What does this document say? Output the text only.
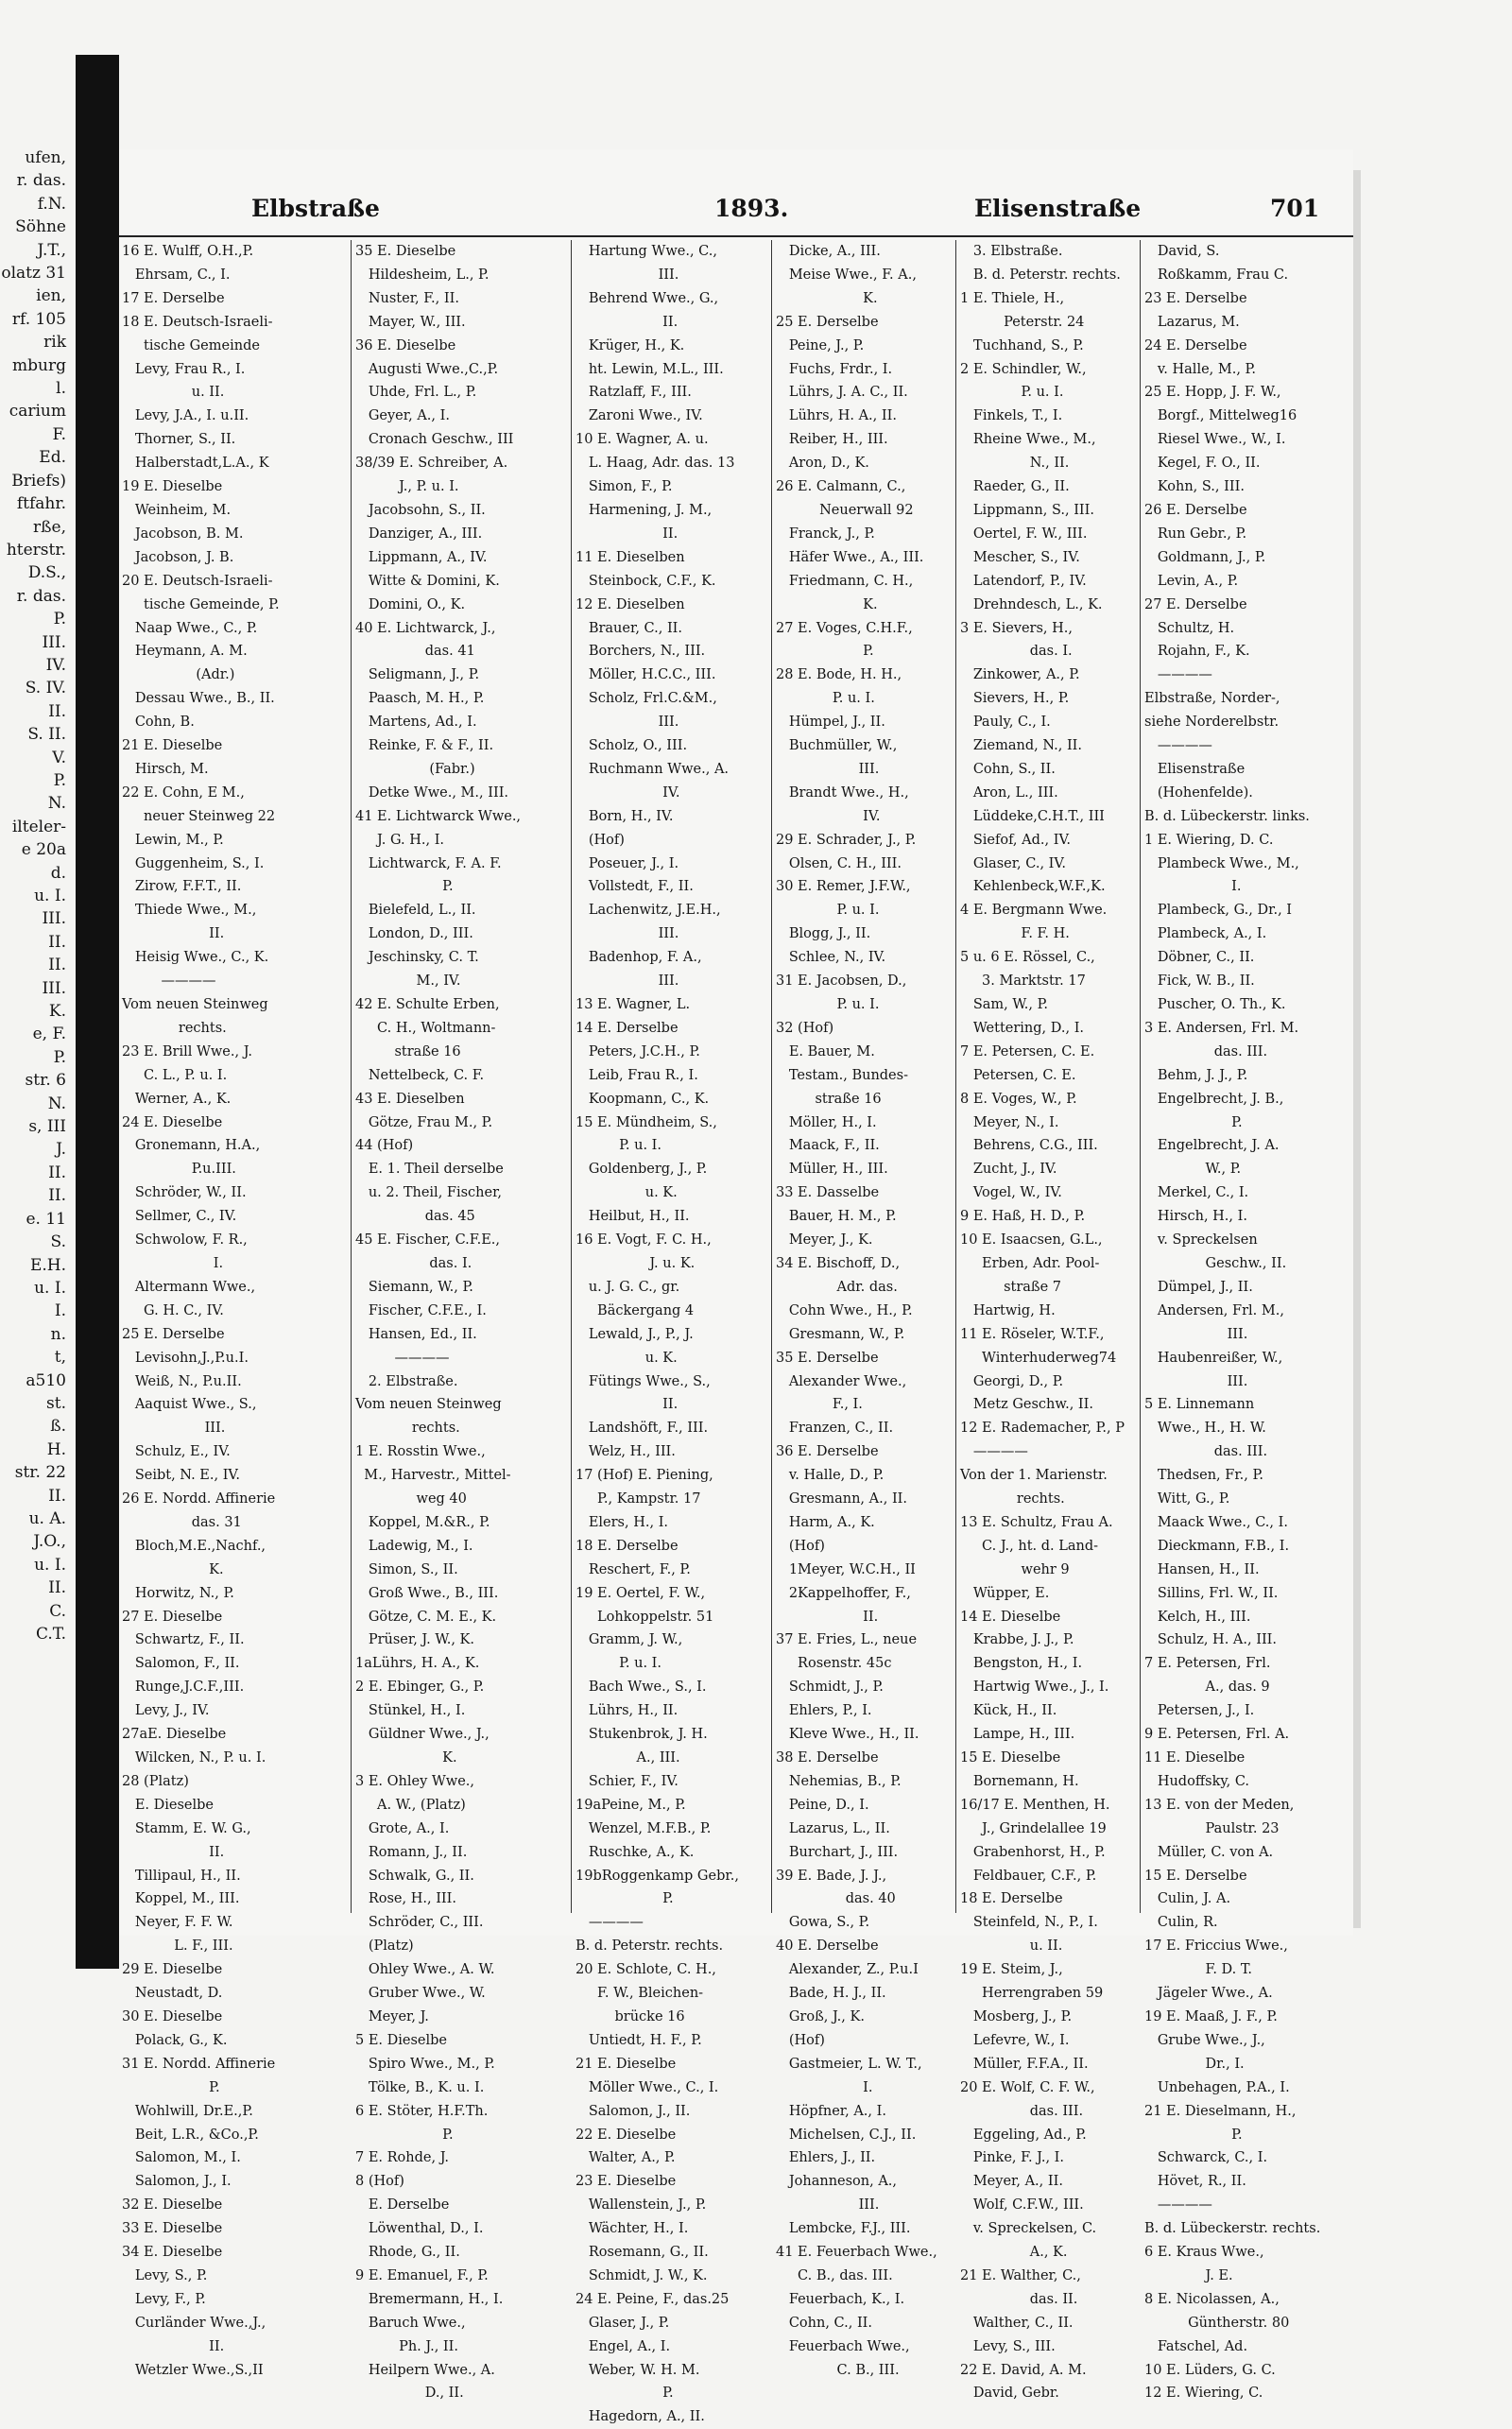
ufen,
r. das.
f.N.
Söhne
J.T.,
olatz 31
ien,
rf. 105
rik
mburg
l.
carium
F.
Ed.
Briefs)
ftfahr.
rße,
hterstr.
D.S.,
r. das.
P.
III.
IV.
S. IV.
II.
S. II.
V.
P.
N.
ilteler-
e 20a
d.
u. I.
III.
II.
II.
III.
K.
e, F.
P.
str. 6
N.
s, III
J.
II.
II.
e. 11
S.
E.H.
u. I.
I.
n.
t,
a510
st.
ß.
H.
str. 22
II.
u. A.
J.O.,
u. I.
II.
C.
C.T.
Elbstraße	1893.	Elisenstraße	701
16 E. Wulff, O.H.,P.
Ehrsam, C., I.
17 E. Derselbe
18 E. Deutsch-Israeli-
tische Gemeinde
Levy, Frau R., I.
u. II.
Levy, J.A., I. u.II.
Thorner, S., II.
Halberstadt,L.A., K
19 E. Dieselbe
Weinheim, M.
Jacobson, B. M.
Jacobson, J. B.
20 E. Deutsch-Israeli-
tische Gemeinde, P.
Naap Wwe., C., P.
Heymann, A. M.
(Adr.)
Dessau Wwe., B., II.
Cohn, B.
21 E. Dieselbe
Hirsch, M.
22 E. Cohn, E M.,
neuer Steinweg 22
Lewin, M., P.
Guggenheim, S., I.
Zirow, F.F.T., II.
Thiede Wwe., M.,
II.
Heisig Wwe., C., K.
————
Vom neuen Steinweg
rechts.
23 E. Brill Wwe., J.
C. L., P. u. I.
Werner, A., K.
24 E. Dieselbe
Gronemann, H.A.,
P.u.III.
Schröder, W., II.
Sellmer, C., IV.
Schwolow, F. R.,
I.
Altermann Wwe.,
G. H. C., IV.
25 E. Derselbe
Levisohn,J.,P.u.I.
Weiß, N., P.u.II.
Aaquist Wwe., S.,
III.
Schulz, E., IV.
Seibt, N. E., IV.
26 E. Nordd. Affinerie
das. 31
Bloch,M.E.,Nachf.,
K.
Horwitz, N., P.
27 E. Dieselbe
Schwartz, F., II.
Salomon, F., II.
Runge,J.C.F.,III.
Levy, J., IV.
27aE. Dieselbe
Wilcken, N., P. u. I.
28 (Platz)
E. Dieselbe
Stamm, E. W. G.,
II.
Tillipaul, H., II.
Koppel, M., III.
Neyer, F. F. W.
L. F., III.
29 E. Dieselbe
Neustadt, D.
30 E. Dieselbe
Polack, G., K.
31 E. Nordd. Affinerie
P.
Wohlwill, Dr.E.,P.
Beit, L.R., &Co.,P.
Salomon, M., I.
Salomon, J., I.
32 E. Dieselbe
33 E. Dieselbe
34 E. Dieselbe
Levy, S., P.
Levy, F., P.
Curländer Wwe.,J.,
II.
Wetzler Wwe.,S.,II
35 E. Dieselbe
Hildesheim, L., P.
Nuster, F., II.
Mayer, W., III.
36 E. Dieselbe
Augusti Wwe.,C.,P.
Uhde, Frl. L., P.
Geyer, A., I.
Cronach Geschw., III
38/39 E. Schreiber, A.
J., P. u. I.
Jacobsohn, S., II.
Danziger, A., III.
Lippmann, A., IV.
Witte & Domini, K.
Domini, O., K.
40 E. Lichtwarck, J.,
das. 41
Seligmann, J., P.
Paasch, M. H., P.
Martens, Ad., I.
Reinke, F. & F., II.
(Fabr.)
Detke Wwe., M., III.
41 E. Lichtwarck Wwe.,
J. G. H., I.
Lichtwarck, F. A. F.
P.
Bielefeld, L., II.
London, D., III.
Jeschinsky, C. T.
M., IV.
42 E. Schulte Erben,
C. H., Woltmann-
straße 16
Nettelbeck, C. F.
43 E. Dieselben
Götze, Frau M., P.
44 (Hof)
E. 1. Theil derselbe
u. 2. Theil, Fischer,
das. 45
45 E. Fischer, C.F.E.,
das. I.
Siemann, W., P.
Fischer, C.F.E., I.
Hansen, Ed., II.
————
2. Elbstraße.
Vom neuen Steinweg
rechts.
1 E. Rosstin Wwe.,
M., Harvestr., Mittel-
weg 40
Koppel, M.&R., P.
Ladewig, M., I.
Simon, S., II.
Groß Wwe., B., III.
Götze, C. M. E., K.
Prüser, J. W., K.
1aLührs, H. A., K.
2 E. Ebinger, G., P.
Stünkel, H., I.
Güldner Wwe., J.,
K.
3 E. Ohley Wwe.,
A. W., (Platz)
Grote, A., I.
Romann, J., II.
Schwalk, G., II.
Rose, H., III.
Schröder, C., III.
(Platz)
Ohley Wwe., A. W.
Gruber Wwe., W.
Meyer, J.
5 E. Dieselbe
Spiro Wwe., M., P.
Tölke, B., K. u. I.
6 E. Stöter, H.F.Th.
P.
7 E. Rohde, J.
8 (Hof)
E. Derselbe
Löwenthal, D., I.
Rhode, G., II.
9 E. Emanuel, F., P.
Bremermann, H., I.
Baruch Wwe.,
Ph. J., II.
Heilpern Wwe., A.
D., II.
Hartung Wwe., C.,
III.
Behrend Wwe., G.,
II.
Krüger, H., K.
ht. Lewin, M.L., III.
Ratzlaff, F., III.
Zaroni Wwe., IV.
10 E. Wagner, A. u.
L. Haag, Adr. das. 13
Simon, F., P.
Harmening, J. M.,
II.
11 E. Dieselben
Steinbock, C.F., K.
12 E. Dieselben
Brauer, C., II.
Borchers, N., III.
Möller, H.C.C., III.
Scholz, Frl.C.&M.,
III.
Scholz, O., III.
Ruchmann Wwe., A.
IV.
Born, H., IV.
(Hof)
Poseuer, J., I.
Vollstedt, F., II.
Lachenwitz, J.E.H.,
III.
Badenhop, F. A.,
III.
13 E. Wagner, L.
14 E. Derselbe
Peters, J.C.H., P.
Leib, Frau R., I.
Koopmann, C., K.
15 E. Mündheim, S.,
P. u. I.
Goldenberg, J., P.
u. K.
Heilbut, H., II.
16 E. Vogt, F. C. H.,
J. u. K.
u. J. G. C., gr.
Bäckergang 4
Lewald, J., P., J.
u. K.
Fütings Wwe., S.,
II.
Landshöft, F., III.
Welz, H., III.
17 (Hof) E. Piening,
P., Kampstr. 17
Elers, H., I.
18 E. Derselbe
Reschert, F., P.
19 E. Oertel, F. W.,
Lohkoppelstr. 51
Gramm, J. W.,
P. u. I.
Bach Wwe., S., I.
Lührs, H., II.
Stukenbrok, J. H.
A., III.
Schier, F., IV.
19aPeine, M., P.
Wenzel, M.F.B., P.
Ruschke, A., K.
19bRoggenkamp Gebr.,
P.
————
B. d. Peterstr. rechts.
20 E. Schlote, C. H.,
F. W., Bleichen-
brücke 16
Untiedt, H. F., P.
21 E. Dieselbe
Möller Wwe., C., I.
Salomon, J., II.
22 E. Dieselbe
Walter, A., P.
23 E. Dieselbe
Wallenstein, J., P.
Wächter, H., I.
Rosemann, G., II.
Schmidt, J. W., K.
24 E. Peine, F., das.25
Glaser, J., P.
Engel, A., I.
Weber, W. H. M.
P.
Hagedorn, A., II.
Dicke, A., III.
Meise Wwe., F. A.,
K.
25 E. Derselbe
Peine, J., P.
Fuchs, Frdr., I.
Lührs, J. A. C., II.
Lührs, H. A., II.
Reiber, H., III.
Aron, D., K.
26 E. Calmann, C.,
Neuerwall 92
Franck, J., P.
Häfer Wwe., A., III.
Friedmann, C. H.,
K.
27 E. Voges, C.H.F.,
P.
28 E. Bode, H. H.,
P. u. I.
Hümpel, J., II.
Buchmüller, W.,
III.
Brandt Wwe., H.,
IV.
29 E. Schrader, J., P.
Olsen, C. H., III.
30 E. Remer, J.F.W.,
P. u. I.
Blogg, J., II.
Schlee, N., IV.
31 E. Jacobsen, D.,
P. u. I.
32 (Hof)
E. Bauer, M.
Testam., Bundes-
straße 16
Möller, H., I.
Maack, F., II.
Müller, H., III.
33 E. Dasselbe
Bauer, H. M., P.
Meyer, J., K.
34 E. Bischoff, D.,
Adr. das.
Cohn Wwe., H., P.
Gresmann, W., P.
35 E. Derselbe
Alexander Wwe.,
F., I.
Franzen, C., II.
36 E. Derselbe
v. Halle, D., P.
Gresmann, A., II.
Harm, A., K.
(Hof)
1Meyer, W.C.H., II
2Kappelhoffer, F.,
II.
37 E. Fries, L., neue
Rosenstr. 45c
Schmidt, J., P.
Ehlers, P., I.
Kleve Wwe., H., II.
38 E. Derselbe
Nehemias, B., P.
Peine, D., I.
Lazarus, L., II.
Burchart, J., III.
39 E. Bade, J. J.,
das. 40
Gowa, S., P.
40 E. Derselbe
Alexander, Z., P.u.I
Bade, H. J., II.
Groß, J., K.
(Hof)
Gastmeier, L. W. T.,
I.
Höpfner, A., I.
Michelsen, C.J., II.
Ehlers, J., II.
Johanneson, A.,
III.
Lembcke, F.J., III.
41 E. Feuerbach Wwe.,
C. B., das. III.
Feuerbach, K., I.
Cohn, C., II.
Feuerbach Wwe.,
C. B., III.
3. Elbstraße.
B. d. Peterstr. rechts.
1 E. Thiele, H.,
Peterstr. 24
Tuchhand, S., P.
2 E. Schindler, W.,
P. u. I.
Finkels, T., I.
Rheine Wwe., M.,
N., II.
Raeder, G., II.
Lippmann, S., III.
Oertel, F. W., III.
Mescher, S., IV.
Latendorf, P., IV.
Drehndesch, L., K.
3 E. Sievers, H.,
das. I.
Zinkower, A., P.
Sievers, H., P.
Pauly, C., I.
Ziemand, N., II.
Cohn, S., II.
Aron, L., III.
Lüddeke,C.H.T., III
Siefof, Ad., IV.
Glaser, C., IV.
Kehlenbeck,W.F.,K.
4 E. Bergmann Wwe.
F. F. H.
5 u. 6 E. Rössel, C.,
3. Marktstr. 17
Sam, W., P.
Wettering, D., I.
7 E. Petersen, C. E.
Petersen, C. E.
8 E. Voges, W., P.
Meyer, N., I.
Behrens, C.G., III.
Zucht, J., IV.
Vogel, W., IV.
9 E. Haß, H. D., P.
10 E. Isaacsen, G.L.,
Erben, Adr. Pool-
straße 7
Hartwig, H.
11 E. Röseler, W.T.F.,
Winterhuderweg74
Georgi, D., P.
Metz Geschw., II.
12 E. Rademacher, P., P
————
Von der 1. Marienstr.
rechts.
13 E. Schultz, Frau A.
C. J., ht. d. Land-
wehr 9
Wüpper, E.
14 E. Dieselbe
Krabbe, J. J., P.
Bengston, H., I.
Hartwig Wwe., J., I.
Kück, H., II.
Lampe, H., III.
15 E. Dieselbe
Bornemann, H.
16/17 E. Menthen, H.
J., Grindelallee 19
Grabenhorst, H., P.
Feldbauer, C.F., P.
18 E. Derselbe
Steinfeld, N., P., I.
u. II.
19 E. Steim, J.,
Herrengraben 59
Mosberg, J., P.
Lefevre, W., I.
Müller, F.F.A., II.
20 E. Wolf, C. F. W.,
das. III.
Eggeling, Ad., P.
Pinke, F. J., I.
Meyer, A., II.
Wolf, C.F.W., III.
v. Spreckelsen, C.
A., K.
21 E. Walther, C.,
das. II.
Walther, C., II.
Levy, S., III.
22 E. David, A. M.
David, Gebr.
David, S.
Roßkamm, Frau C.
23 E. Derselbe
Lazarus, M.
24 E. Derselbe
v. Halle, M., P.
25 E. Hopp, J. F. W.,
Borgf., Mittelweg16
Riesel Wwe., W., I.
Kegel, F. O., II.
Kohn, S., III.
26 E. Derselbe
Run Gebr., P.
Goldmann, J., P.
Levin, A., P.
27 E. Derselbe
Schultz, H.
Rojahn, F., K.
————
Elbstraße, Norder-,
siehe Norderelbstr.
————
Elisenstraße
(Hohenfelde).
B. d. Lübeckerstr. links.
1 E. Wiering, D. C.
Plambeck Wwe., M.,
I.
Plambeck, G., Dr., I
Plambeck, A., I.
Döbner, C., II.
Fick, W. B., II.
Puscher, O. Th., K.
3 E. Andersen, Frl. M.
das. III.
Behm, J. J., P.
Engelbrecht, J. B.,
P.
Engelbrecht, J. A.
W., P.
Merkel, C., I.
Hirsch, H., I.
v. Spreckelsen
Geschw., II.
Dümpel, J., II.
Andersen, Frl. M.,
III.
Haubenreißer, W.,
III.
5 E. Linnemann
Wwe., H., H. W.
das. III.
Thedsen, Fr., P.
Witt, G., P.
Maack Wwe., C., I.
Dieckmann, F.B., I.
Hansen, H., II.
Sillins, Frl. W., II.
Kelch, H., III.
Schulz, H. A., III.
7 E. Petersen, Frl.
A., das. 9
Petersen, J., I.
9 E. Petersen, Frl. A.
11 E. Dieselbe
Hudoffsky, C.
13 E. von der Meden,
Paulstr. 23
Müller, C. von A.
15 E. Derselbe
Culin, J. A.
Culin, R.
17 E. Friccius Wwe.,
F. D. T.
Jägeler Wwe., A.
19 E. Maaß, J. F., P.
Grube Wwe., J.,
Dr., I.
Unbehagen, P.A., I.
21 E. Dieselmann, H.,
P.
Schwarck, C., I.
Hövet, R., II.
————
B. d. Lübeckerstr. rechts.
6 E. Kraus Wwe.,
J. E.
8 E. Nicolassen, A.,
Güntherstr. 80
Fatschel, Ad.
10 E. Lüders, G. C.
12 E. Wiering, C.
